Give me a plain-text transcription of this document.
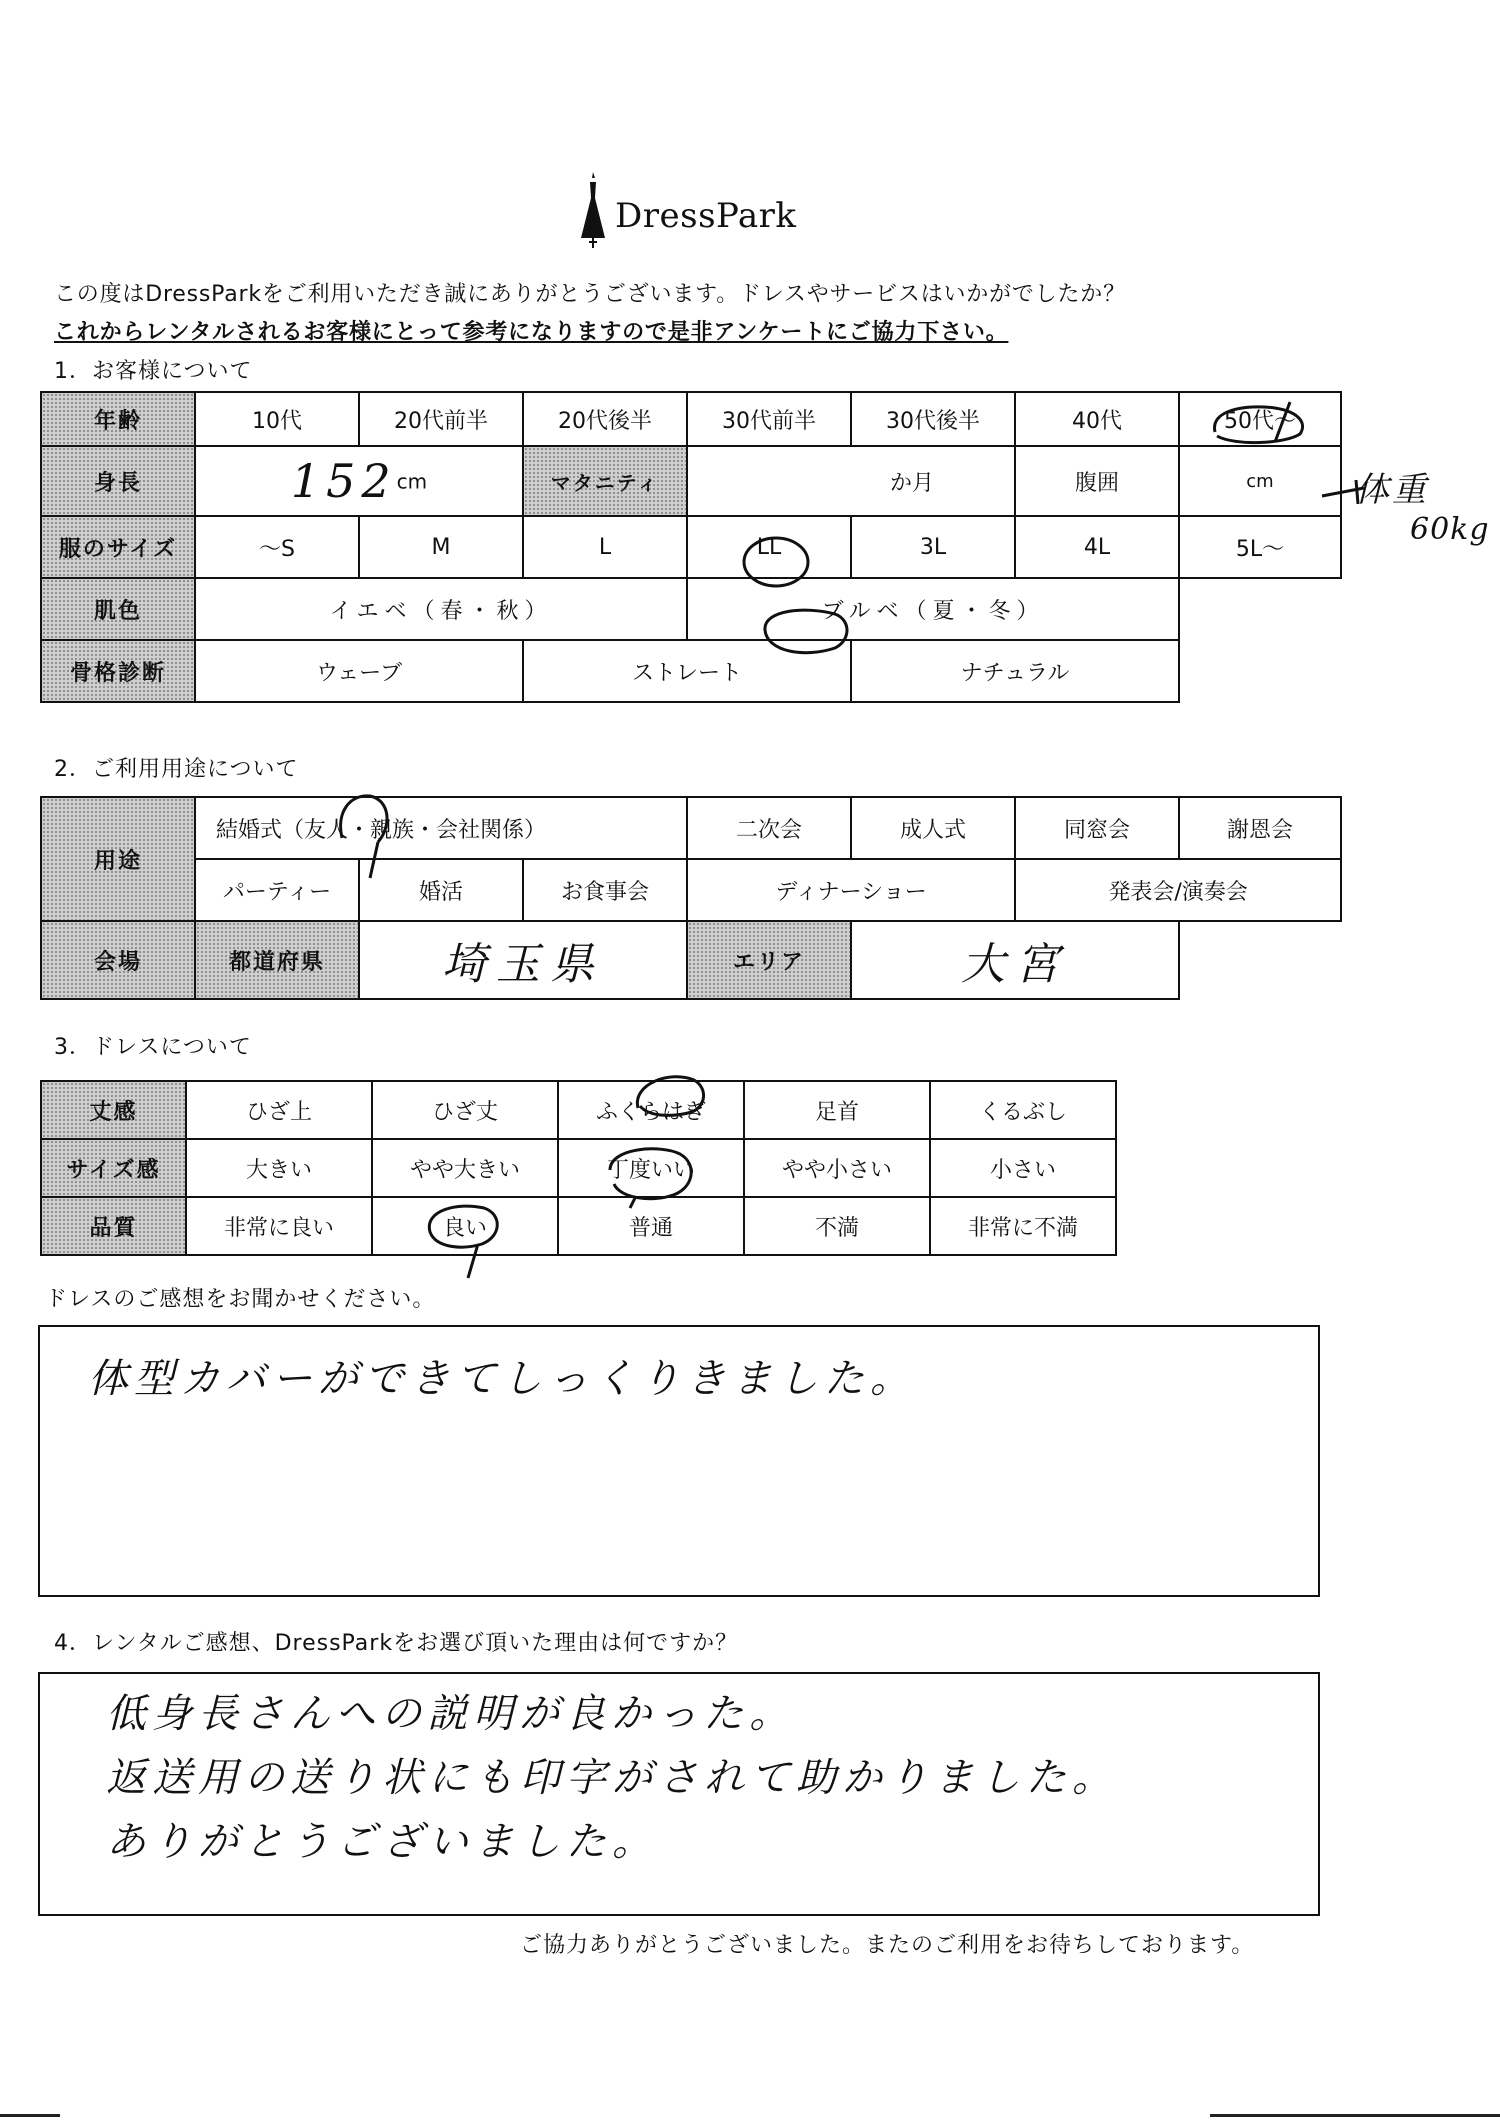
DressPark
この度はDressParkをご利用いただき誠にありがとうございます。ドレスやサービスはいかがでしたか？
これからレンタルされるお客様にとって参考になりますので是非アンケートにご協力下さい。
1．お客様について
年齢	10代	20代前半	20代後半	30代前半	30代後半	40代	50代～
身長	$152^{cm}$		マタニティ	か月		腹囲	cm
服のサイズ	～S	M	L	LL	3L	4L	5L～
肌色	イエベ（春・秋）			ブルベ（夏・冬）			
骨格診断	ウェーブ		ストレート		ナチュラル		
体重
60kg
2．ご利用用途について
用途	結婚式（友人・親族・会社関係）			二次会	成人式	同窓会	謝恩会
	パーティー	婚活	お食事会	ディナーショー		発表会/演奏会	
会場	都道府県	埼玉県		エリア	大宮		
3．ドレスについて
丈感	ひざ上	ひざ丈	ふくらはぎ	足首	くるぶし
サイズ感	大きい	やや大きい	丁度いい	やや小さい	小さい
品質	非常に良い	良い	普通	不満	非常に不満
ドレスのご感想をお聞かせください。
体型カバーができてしっくりきました。
4．レンタルご感想、DressParkをお選び頂いた理由は何ですか？
低身長さんへの説明が良かった。
返送用の送り状にも印字がされて助かりました。
ありがとうございました。
ご協力ありがとうございました。またのご利用をお待ちしております。
